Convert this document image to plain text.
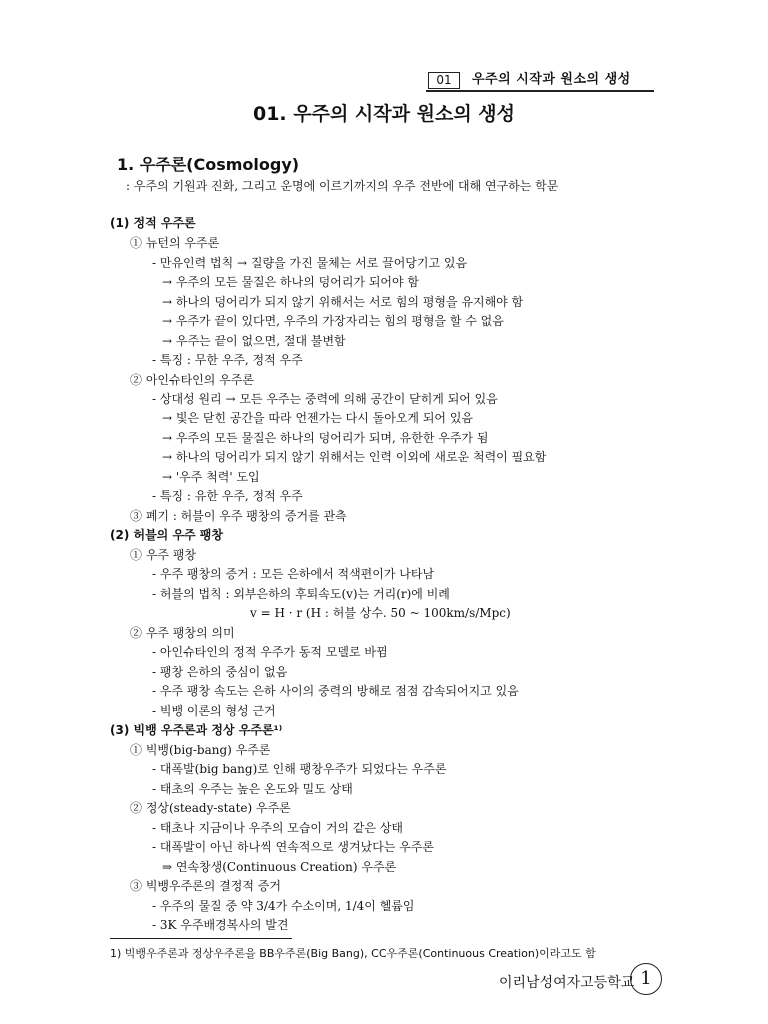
01	우주의 시작과 원소의 생성
01. 우주의 시작과 원소의 생성
1. 우주론(Cosmology)
: 우주의 기원과 진화, 그리고 운명에 이르기까지의 우주 전반에 대해 연구하는 학문
(1) 정적 우주론
① 뉴턴의 우주론
- 만유인력 법칙 → 질량을 가진 물체는 서로 끌어당기고 있음
→ 우주의 모든 물질은 하나의 덩어리가 되어야 함
→ 하나의 덩어리가 되지 않기 위해서는 서로 힘의 평형을 유지해야 함
→ 우주가 끝이 있다면, 우주의 가장자리는 힘의 평형을 할 수 없음
→ 우주는 끝이 없으면, 절대 불변함
- 특징 : 무한 우주, 정적 우주
② 아인슈타인의 우주론
- 상대성 원리 → 모든 우주는 중력에 의해 공간이 닫히게 되어 있음
→ 빛은 닫힌 공간을 따라 언젠가는 다시 돌아오게 되어 있음
→ 우주의 모든 물질은 하나의 덩어리가 되며, 유한한 우주가 됨
→ 하나의 덩어리가 되지 않기 위해서는 인력 이외에 새로운 척력이 필요함
→ '우주 척력' 도입
- 특징 : 유한 우주, 정적 우주
③ 폐기 : 허블이 우주 팽창의 증거를 관측
(2) 허블의 우주 팽창
① 우주 팽창
- 우주 팽창의 증거 : 모든 은하에서 적색편이가 나타남
- 허블의 법칙 : 외부은하의 후퇴속도(v)는 거리(r)에 비례
v = H · r (H : 허블 상수. 50 ~ 100km/s/Mpc)
② 우주 팽창의 의미
- 아인슈타인의 정적 우주가 동적 모델로 바뀜
- 팽창 은하의 중심이 없음
- 우주 팽창 속도는 은하 사이의 중력의 방해로 점점 감속되어지고 있음
- 빅뱅 이론의 형성 근거
(3) 빅뱅 우주론과 정상 우주론¹⁾
① 빅뱅(big-bang) 우주론
- 대폭발(big bang)로 인해 팽창우주가 되었다는 우주론
- 태초의 우주는 높은 온도와 밀도 상태
② 정상(steady-state) 우주론
- 태초나 지금이나 우주의 모습이 거의 같은 상태
- 대폭발이 아닌 하나씩 연속적으로 생겨났다는 우주론
⇒ 연속창생(Continuous Creation) 우주론
③ 빅뱅우주론의 결정적 증거
- 우주의 물질 중 약 3/4가 수소이며, 1/4이 헬륨임
- 3K 우주배경복사의 발견
1) 빅뱅우주론과 정상우주론을 BB우주론(Big Bang), CC우주론(Continuous Creation)이라고도 함
이리남성여자고등학교 1
